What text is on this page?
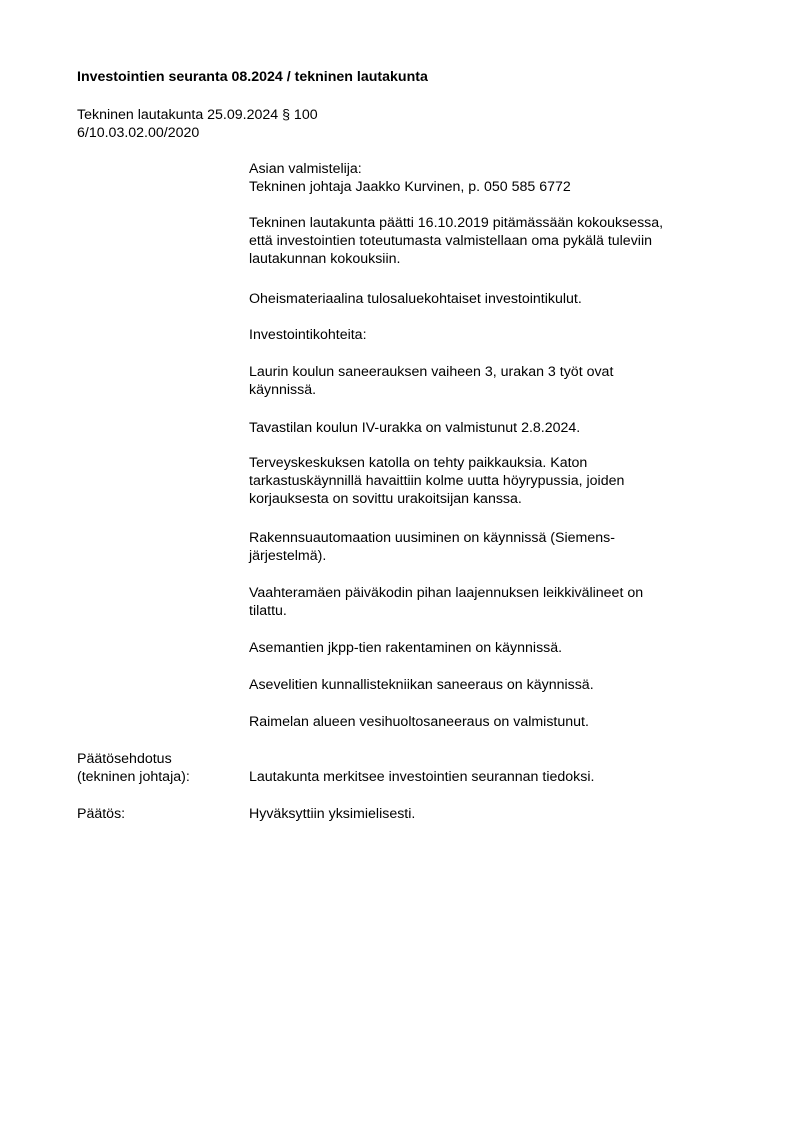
Investointien seuranta 08.2024 / tekninen lautakunta
Tekninen lautakunta 25.09.2024 § 100
6/10.03.02.00/2020

Asian valmistelija:

Tekninen johtaja Jaakko Kurvinen, p. 050 585 6772

Tekninen lautakunta päätti 16.10.2019 pitämässään kokouksessa,
että investointien toteutumasta valmistellaan oma pykälä tuleviin
lautakunnan kokouksiin.

Oheismateriaalina tulosaluekohtaiset investointikulut.

Investointikohteita:

Laurin koulun saneerauksen vaiheen 3, urakan 3 työt ovat
käynnissä.

Tavastilan koulun IV-urakka on valmistunut 2.8.2024.

Terveyskeskuksen katolla on tehty paikkauksia. Katon
tarkastuskäynnillä havaittiin kolme uutta höyrypussia, joiden
korjauksesta on sovittu urakoitsijan kanssa.

Rakennsuautomaation uusiminen on käynnissä (Siemens-
järjestelmä).

Vaahteramäen päiväkodin pihan laajennuksen leikkivälineet on
tilattu.

Asemantien jkpp-tien rakentaminen on käynnissä.

Asevelitien kunnallistekniikan saneeraus on käynnissä.

Raimelan alueen vesihuoltosaneeraus on valmistunut.

Päätösehdotus
(tekninen johtaja):	Lautakunta merkitsee investointien seurannan tiedoksi.
Päätös:	Hyväksyttiin yksimielisesti.
